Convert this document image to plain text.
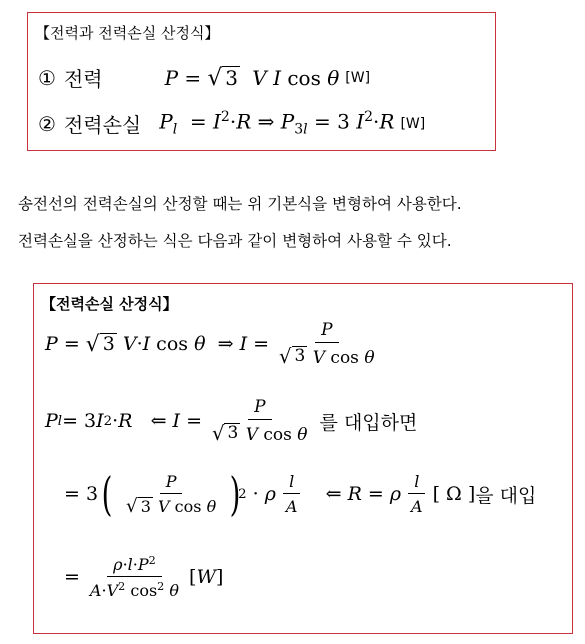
【전력과 전력손실 산정식】
① 전력	P = √ 3 V I cos θ [W]
② 전력손실 $P_l = I^2\cdot R$ ⇒ $P_{3l} = 3$ $I^2\cdot R$ [W]
송전선의 전력손실의 산정할 때는 위 기본식을 변형하여 사용한다.
전력손실을 산정하는 식은 다음과 같이 변형하여 사용할 수 있다.
【전력손실 산정식】
P = √ 3 V · I cos θ ⇒ $I = \frac{P}{\text{√ 3 V cos θ}}$
P l = 3 I 2 · R ⇐ $I = \frac{P}{\text{√ 3 V cos θ}}$ 를 대입하면
= 3 ( $\frac{P}{\text{√ 3 V cos θ}}$ )
2 · ρ $\frac{l}{A}$ ⇐ R = ρ $\frac{l}{A}$ [ Ω ] 을 대입
= $\frac{\rho\cdot l\cdot P^2}{A\cdot V^2 \cos^2 \theta}$ [ W ]
